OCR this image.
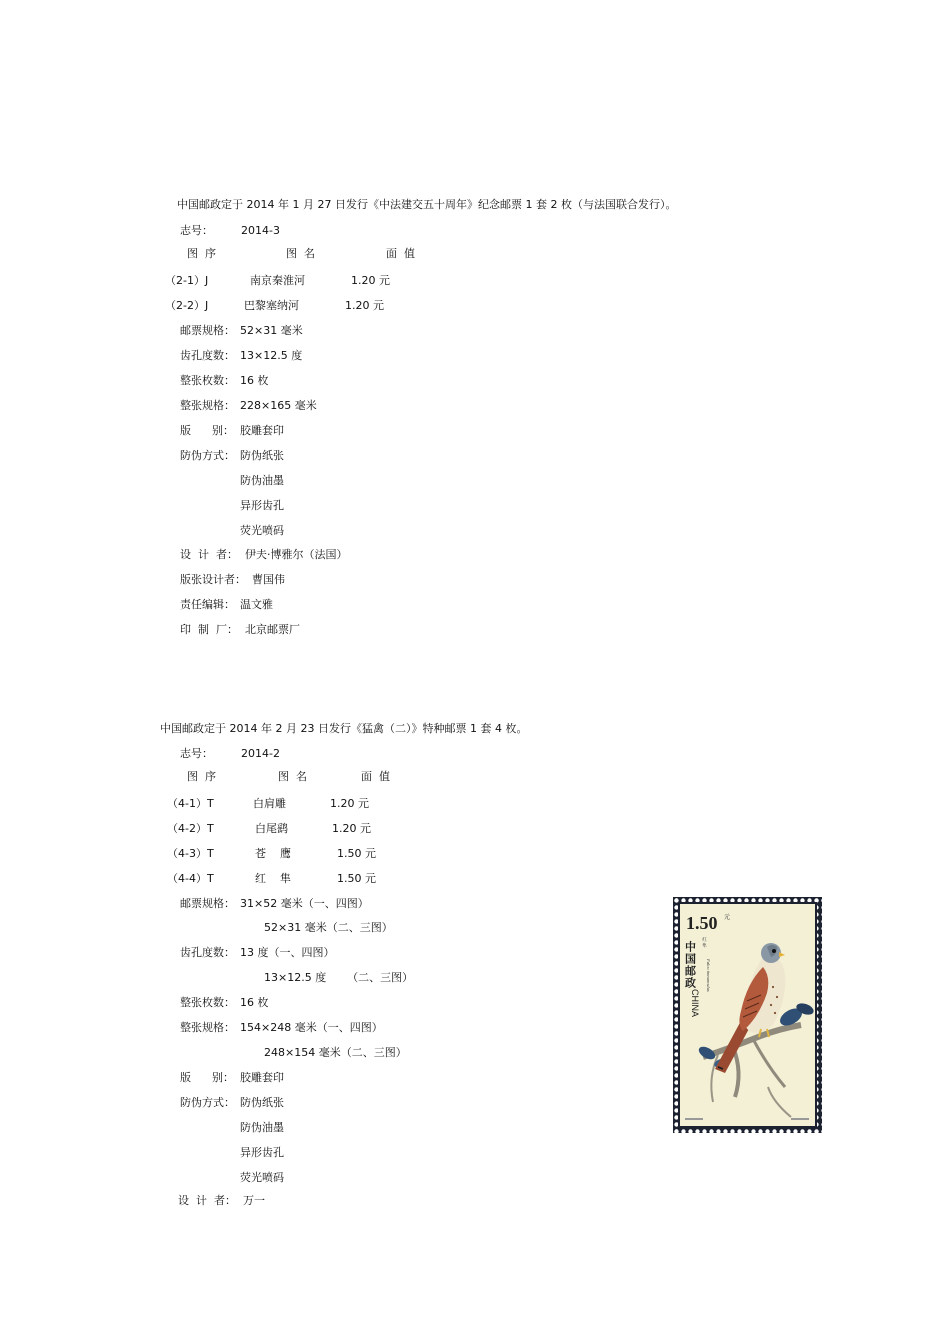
中国邮政定于 2014 年 1 月 27 日发行《中法建交五十周年》纪念邮票 1 套 2 枚（与法国联合发行）。
志号：	2014-3
图  序	图  名	面  值
（2-1）J	南京秦淮河	1.20 元
（2-2）J	巴黎塞纳河	1.20 元
邮票规格： 52×31 毫米
齿孔度数： 13×12.5 度
整张枚数： 16 枚
整张规格： 228×165 毫米
版      别： 胶雕套印
防伪方式： 防伪纸张
防伪油墨
异形齿孔
荧光喷码
设  计  者： 伊夫·博雅尔（法国）
版张设计者： 曹国伟
责任编辑： 温文雅
印  制  厂： 北京邮票厂
中国邮政定于 2014 年 2 月 23 日发行《猛禽（二）》特种邮票 1 套 4 枚。
志号：	2014-2
图  序	图  名	面  值
（4-1）T	白肩雕	1.20 元
（4-2）T	白尾鹞	1.20 元
（4-3）T	苍    鹰	1.50 元
（4-4）T	红    隼	1.50 元
邮票规格： 31×52 毫米（一、四图）
52×31 毫米（二、三图）
齿孔度数： 13 度（一、四图）
13×12.5 度      （二、三图）
整张枚数： 16 枚
整张规格： 154×248 毫米（一、四图）
248×154 毫米（二、三图）
版      别： 胶雕套印
防伪方式： 防伪纸张
防伪油墨
异形齿孔
荧光喷码
设  计  者： 万一
1.50 元
中国邮政
CHINA
红 隼
Falco tinnunculus
